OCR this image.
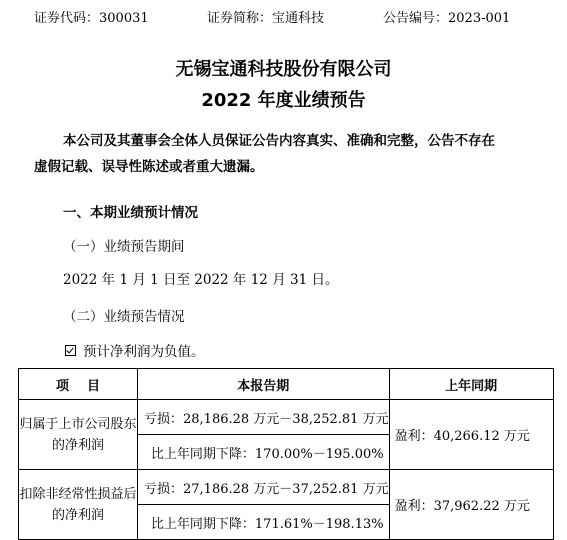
证券代码：300031	证券简称：宝通科技	公告编号：2023-001
无锡宝通科技股份有限公司
2022 年度业绩预告
本公司及其董事会全体人员保证公告内容真实、准确和完整，公告不存在
虚假记载、误导性陈述或者重大遗漏。
一、本期业绩预计情况
（一）业绩预告期间
2022 年 1 月 1 日至 2022 年 12 月 31 日。
（二）业绩预告情况
预计净利润为负值。
项    目	本报告期	上年同期
归属于上市公司股东的净利润	亏损：28,186.28 万元－38,252.81 万元	盈利：40,266.12 万元

	比上年同期下降：170.00%－195.00%	

扣除非经常性损益后的净利润	亏损：27,186.28 万元－37,252.81 万元	盈利：37,962.22 万元

	比上年同期下降：171.61%－198.13%	
